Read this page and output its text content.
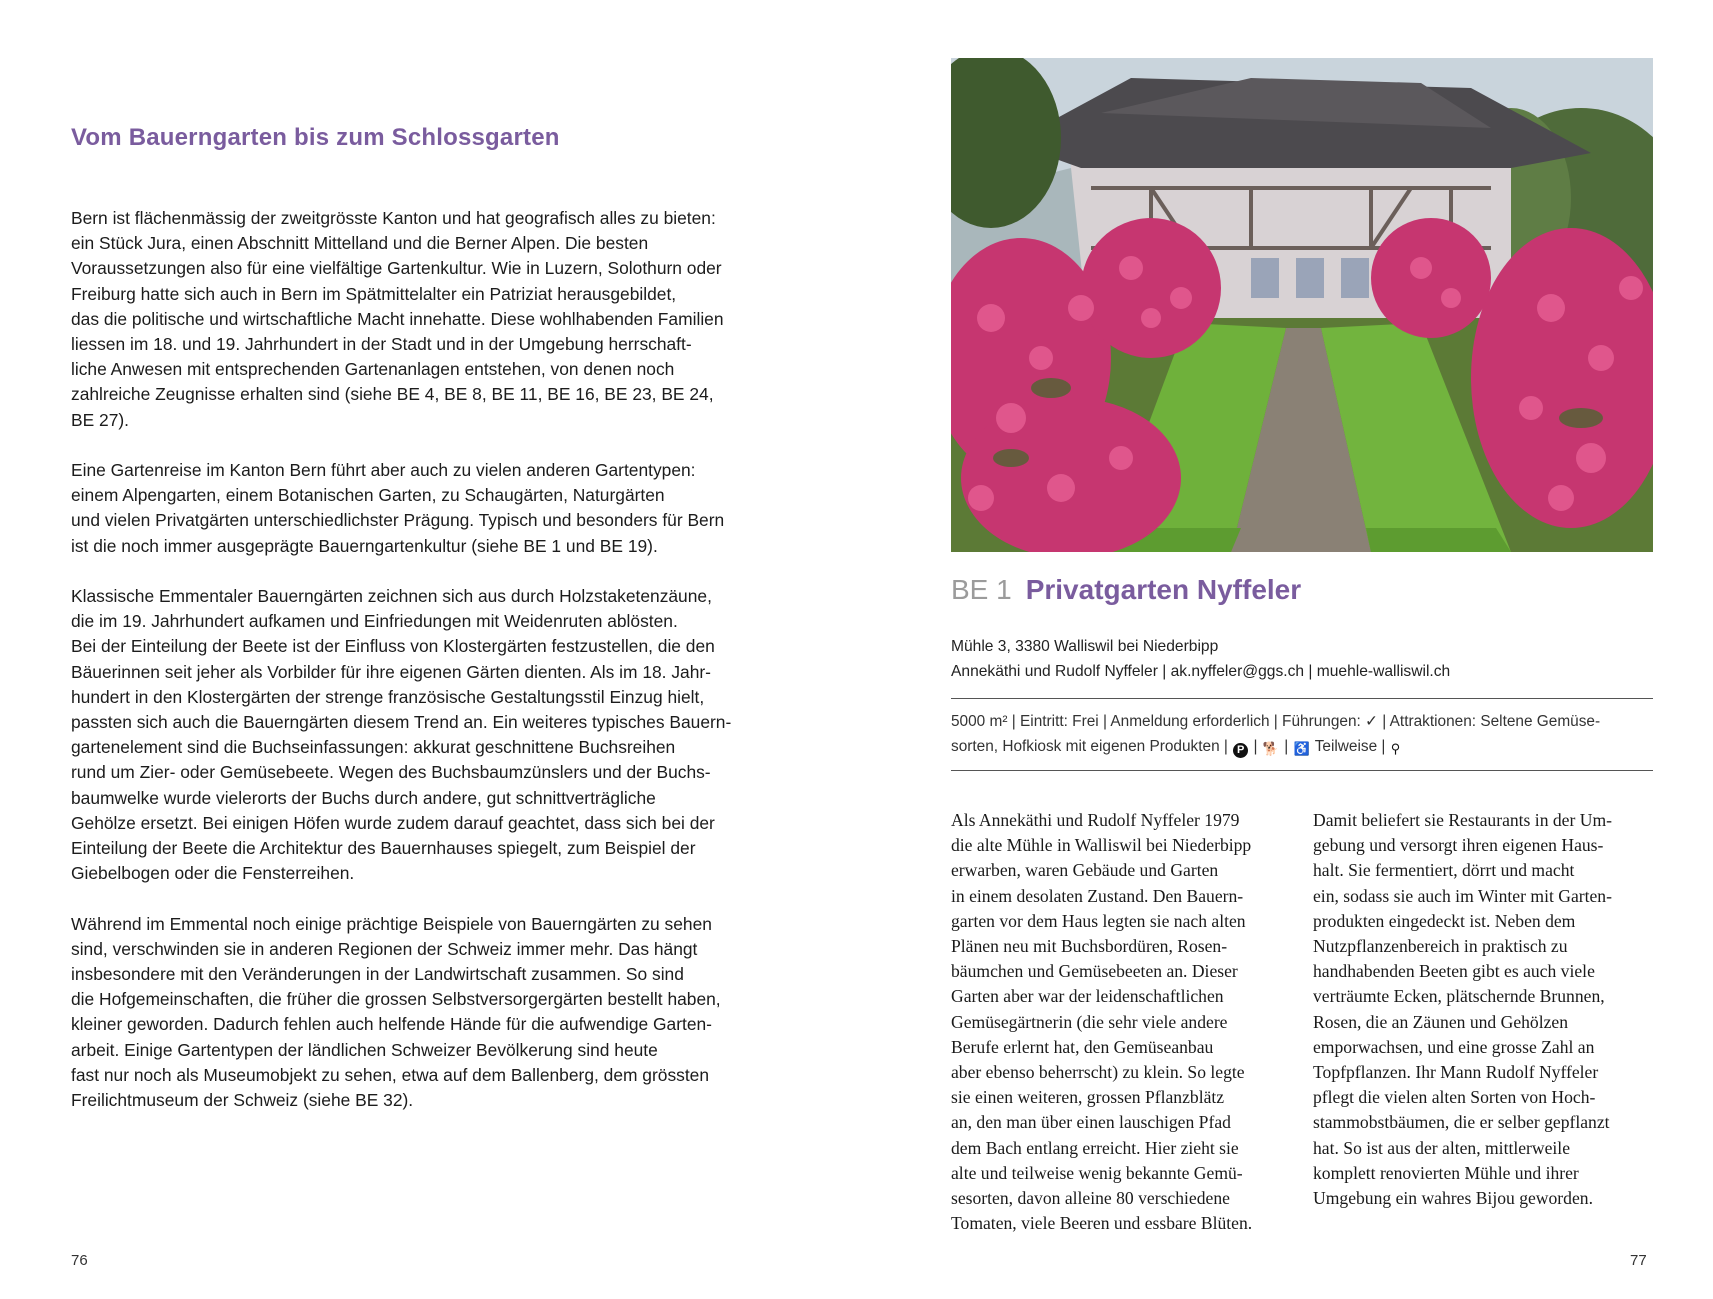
Vom Bauerngarten bis zum Schlossgarten

Bern ist flächenmässig der zweitgrösste Kanton und hat geografisch alles zu bieten:
ein Stück Jura, einen Abschnitt Mittelland und die Berner Alpen. Die besten
Voraussetzungen also für eine vielfältige Gartenkultur. Wie in Luzern, Solothurn oder
Freiburg hatte sich auch in Bern im Spätmittelalter ein Patriziat herausgebildet,
das die politische und wirtschaftliche Macht innehatte. Diese wohlhabenden Familien
liessen im 18. und 19. Jahrhundert in der Stadt und in der Umgebung herrschaft-
liche Anwesen mit entsprechenden Gartenanlagen entstehen, von denen noch
zahlreiche Zeugnisse erhalten sind (siehe BE 4, BE 8, BE 11, BE 16, BE 23, BE 24,
BE 27).

Eine Gartenreise im Kanton Bern führt aber auch zu vielen anderen Gartentypen:
einem Alpengarten, einem Botanischen Garten, zu Schaugärten, Naturgärten
und vielen Privatgärten unterschiedlichster Prägung. Typisch und besonders für Bern
ist die noch immer ausgeprägte Bauerngartenkultur (siehe BE 1 und BE 19).

Klassische Emmentaler Bauerngärten zeichnen sich aus durch Holzstaketenzäune,
die im 19. Jahrhundert aufkamen und Einfriedungen mit Weidenruten ablösten.
Bei der Einteilung der Beete ist der Einfluss von Klostergärten festzustellen, die den
Bäuerinnen seit jeher als Vorbilder für ihre eigenen Gärten dienten. Als im 18. Jahr-
hundert in den Klostergärten der strenge französische Gestaltungsstil Einzug hielt,
passten sich auch die Bauerngärten diesem Trend an. Ein weiteres typisches Bauern-
gartenelement sind die Buchseinfassungen: akkurat geschnittene Buchsreihen
rund um Zier- oder Gemüsebeete. Wegen des Buchsbaumzünslers und der Buchs-
baumwelke wurde vielerorts der Buchs durch andere, gut schnittverträgliche
Gehölze ersetzt. Bei einigen Höfen wurde zudem darauf geachtet, dass sich bei der
Einteilung der Beete die Architektur des Bauernhauses spiegelt, zum Beispiel der
Giebelbogen oder die Fensterreihen.

Während im Emmental noch einige prächtige Beispiele von Bauerngärten zu sehen
sind, verschwinden sie in anderen Regionen der Schweiz immer mehr. Das hängt
insbesondere mit den Veränderungen in der Landwirtschaft zusammen. So sind
die Hofgemeinschaften, die früher die grossen Selbstversorgergärten bestellt haben,
kleiner geworden. Dadurch fehlen auch helfende Hände für die aufwendige Garten-
arbeit. Einige Gartentypen der ländlichen Schweizer Bevölkerung sind heute
fast nur noch als Museumobjekt zu sehen, etwa auf dem Ballenberg, dem grössten
Freilichtmuseum der Schweiz (siehe BE 32).

76
BE 1 Privatgarten Nyffeler
Mühle 3, 3380 Walliswil bei Niederbipp
Annekäthi und Rudolf Nyffeler | ak.nyffeler@ggs.ch | muehle-walliswil.ch
5000 m² | Eintritt: Frei | Anmeldung erforderlich | Führungen: ✓ | Attraktionen: Seltene Gemüse-
sorten, Hofkiosk mit eigenen Produkten | P | 🐕 | ♿ Teilweise | ⚲
Als Annekäthi und Rudolf Nyffeler 1979
die alte Mühle in Walliswil bei Niederbipp
erwarben, waren Gebäude und Garten
in einem desolaten Zustand. Den Bauern-
garten vor dem Haus legten sie nach alten
Plänen neu mit Buchsbordüren, Rosen-
bäumchen und Gemüsebeeten an. Dieser
Garten aber war der leidenschaftlichen
Gemüsegärtnerin (die sehr viele andere
Berufe erlernt hat, den Gemüseanbau
aber ebenso beherrscht) zu klein. So legte
sie einen weiteren, grossen Pflanzblätz
an, den man über einen lauschigen Pfad
dem Bach entlang erreicht. Hier zieht sie
alte und teilweise wenig bekannte Gemü-
sesorten, davon alleine 80 verschiedene
Tomaten, viele Beeren und essbare Blüten.
Damit beliefert sie Restaurants in der Um-
gebung und versorgt ihren eigenen Haus-
halt. Sie fermentiert, dörrt und macht
ein, sodass sie auch im Winter mit Garten-
produkten eingedeckt ist. Neben dem
Nutzpflanzenbereich in praktisch zu
handhabenden Beeten gibt es auch viele
verträumte Ecken, plätschernde Brunnen,
Rosen, die an Zäunen und Gehölzen
emporwachsen, und eine grosse Zahl an
Topfpflanzen. Ihr Mann Rudolf Nyffeler
pflegt die vielen alten Sorten von Hoch-
stammobstbäumen, die er selber gepflanzt
hat. So ist aus der alten, mittlerweile
komplett renovierten Mühle und ihrer
Umgebung ein wahres Bijou geworden.
77
